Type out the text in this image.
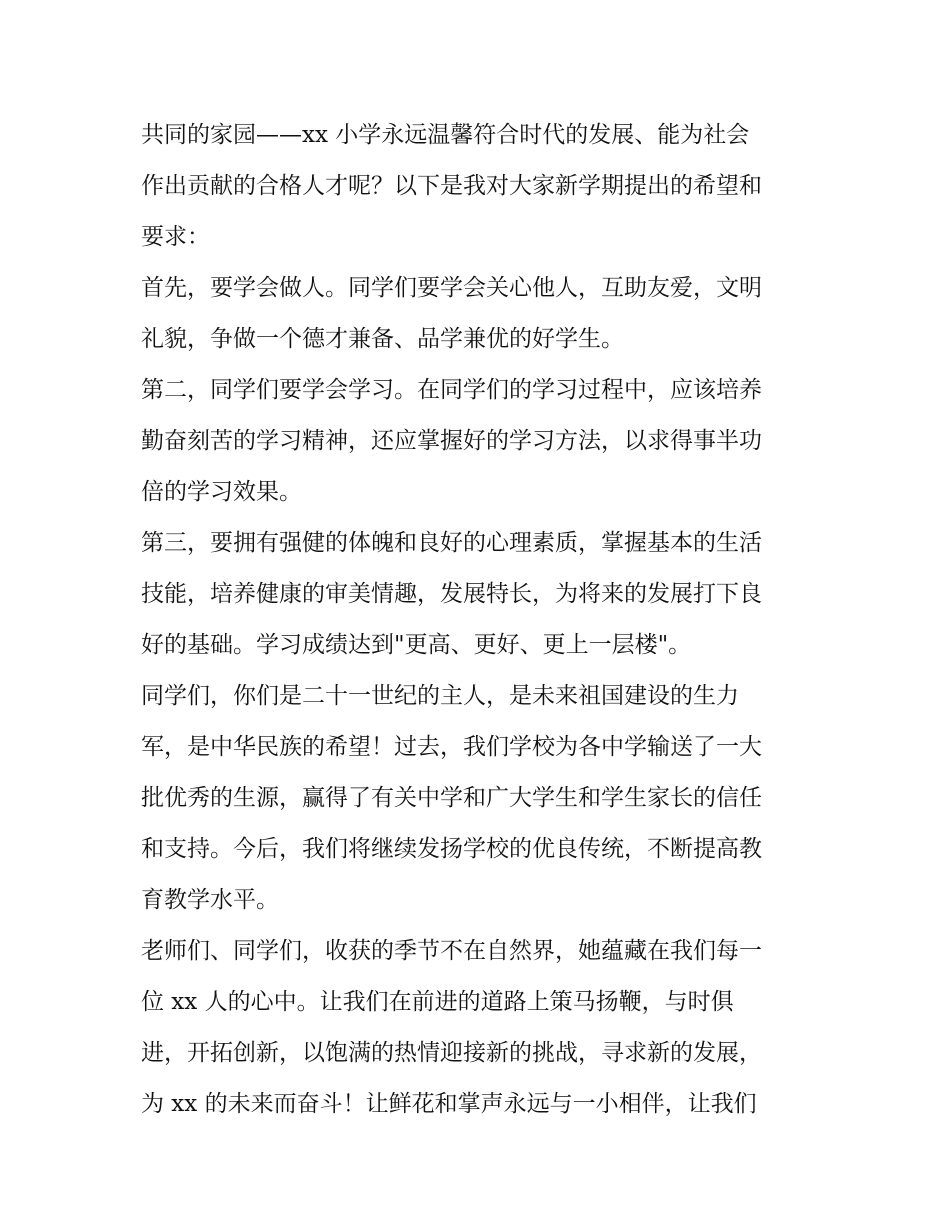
共同的家园——xx 小学永远温馨符合时代的发展、能为社会
作出贡献的合格人才呢？以下是我对大家新学期提出的希望和
要求：
首先，要学会做人。同学们要学会关心他人，互助友爱，文明
礼貌，争做一个德才兼备、品学兼优的好学生。
第二，同学们要学会学习。在同学们的学习过程中，应该培养
勤奋刻苦的学习精神，还应掌握好的学习方法，以求得事半功
倍的学习效果。
第三，要拥有强健的体魄和良好的心理素质，掌握基本的生活
技能，培养健康的审美情趣，发展特长，为将来的发展打下良
好的基础。学习成绩达到"更高、更好、更上一层楼"。
同学们，你们是二十一世纪的主人，是未来祖国建设的生力
军，是中华民族的希望！过去，我们学校为各中学输送了一大
批优秀的生源，赢得了有关中学和广大学生和学生家长的信任
和支持。今后，我们将继续发扬学校的优良传统，不断提高教
育教学水平。
老师们、同学们，收获的季节不在自然界，她蕴藏在我们每一
位 xx 人的心中。让我们在前进的道路上策马扬鞭，与时俱
进，开拓创新，以饱满的热情迎接新的挑战，寻求新的发展，
为 xx 的未来而奋斗！让鲜花和掌声永远与一小相伴，让我们
